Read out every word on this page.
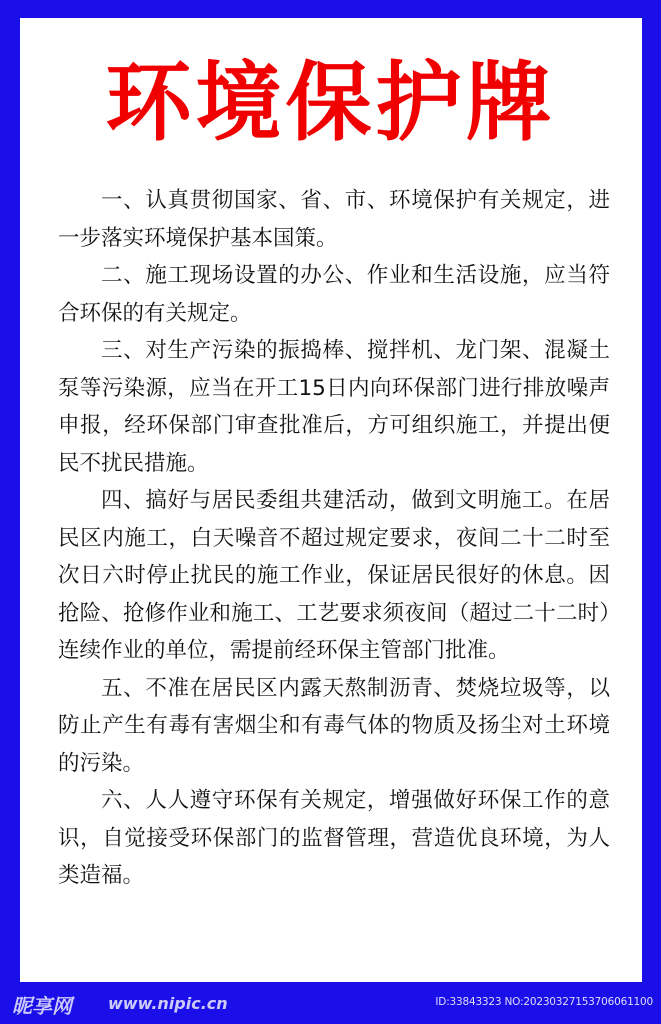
环境保护牌

一、认真贯彻国家、省、市、环境保护有关规定，进一步落实环境保护基本国策。

二、施工现场设置的办公、作业和生活设施，应当符合环保的有关规定。

三、对生产污染的振捣棒、搅拌机、龙门架、混凝土泵等污染源，应当在开工15日内向环保部门进行排放噪声申报，经环保部门审查批准后，方可组织施工，并提出便民不扰民措施。

四、搞好与居民委组共建活动，做到文明施工。在居民区内施工，白天噪音不超过规定要求，夜间二十二时至次日六时停止扰民的施工作业，保证居民很好的休息。因抢险、抢修作业和施工、工艺要求须夜间（超过二十二时）连续作业的单位，需提前经环保主管部门批准。

五、不准在居民区内露天熬制沥青、焚烧垃圾等，以防止产生有毒有害烟尘和有毒气体的物质及扬尘对土环境的污染。

六、人人遵守环保有关规定，增强做好环保工作的意识，自觉接受环保部门的监督管理，营造优良环境，为人类造福。

昵享网 www.nipic.cn	ID:33843323 NO:20230327153706061100
